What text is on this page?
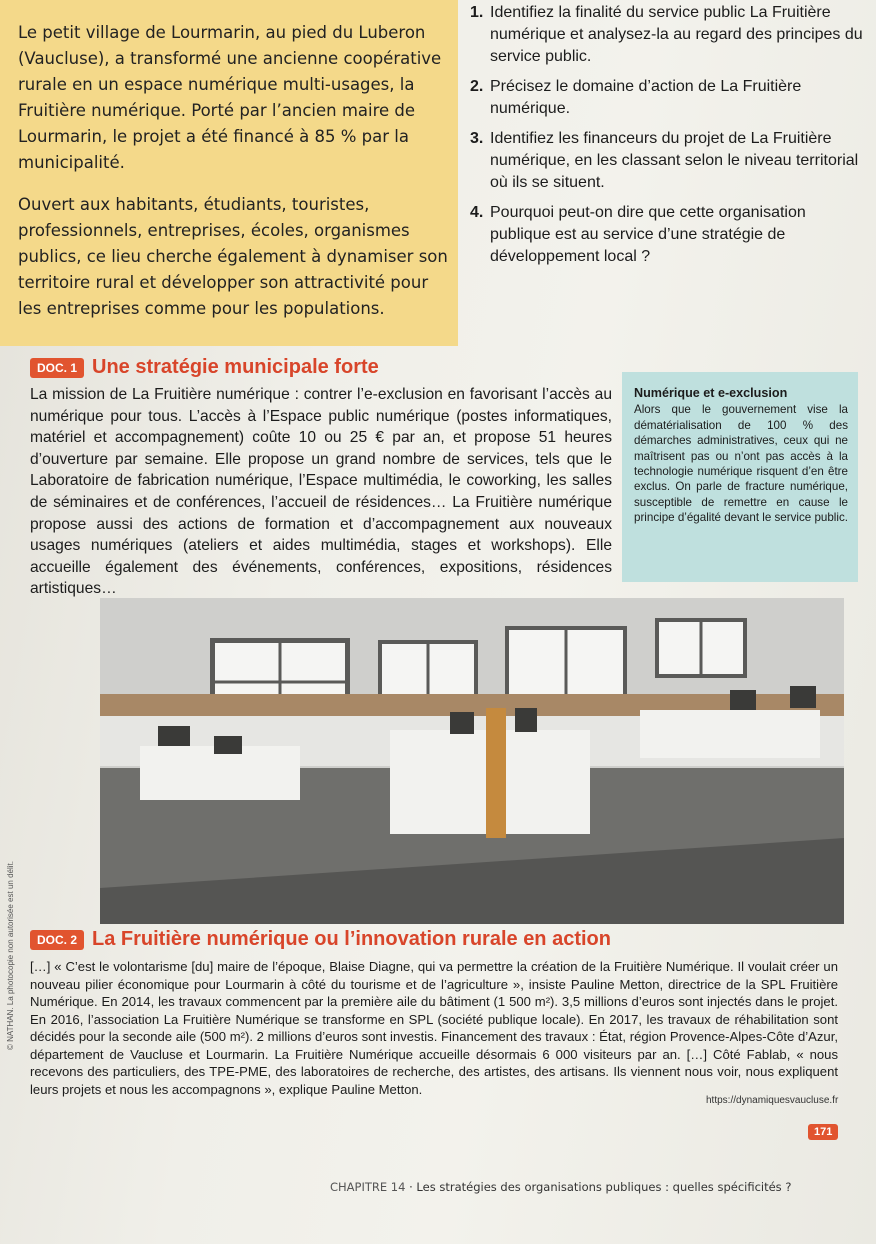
Le petit village de Lourmarin, au pied du Luberon (Vaucluse), a transformé une ancienne coopérative rurale en un espace numérique multi-usages, la Fruitière numérique. Porté par l’ancien maire de Lourmarin, le projet a été financé à 85 % par la municipalité.

Ouvert aux habitants, étudiants, touristes, professionnels, entreprises, écoles, organismes publics, ce lieu cherche également à dynamiser son territoire rural et développer son attractivité pour les entreprises comme pour les populations.

1. Identifiez la finalité du service public La Fruitière numérique et analysez-la au regard des principes du service public.
2. Précisez le domaine d’action de La Fruitière numérique.
3. Identifiez les financeurs du projet de La Fruitière numérique, en les classant selon le niveau territorial où ils se situent.
4. Pourquoi peut-on dire que cette organisation publique est au service d’une stratégie de développement local ?
DOC. 1 Une stratégie municipale forte
La mission de La Fruitière numérique : contrer l’e-exclusion en favorisant l’accès au numérique pour tous. L’accès à l’Espace public numérique (postes informatiques, matériel et accompagnement) coûte 10 ou 25 € par an, et propose 51 heures d’ouverture par semaine. Elle propose un grand nombre de services, tels que le Laboratoire de fabrication numérique, l’Espace multimédia, le coworking, les salles de séminaires et de conférences, l’accueil de résidences… La Fruitière numérique propose aussi des actions de formation et d’accompagnement aux nouveaux usages numériques (ateliers et aides multimédia, stages et workshops). Elle accueille également des événements, conférences, expositions, résidences artistiques…
Numérique et e-exclusion
Alors que le gouvernement vise la dématérialisation de 100 % des démarches administratives, ceux qui ne maîtrisent pas ou n’ont pas accès à la technologie numérique risquent d’en être exclus. On parle de fracture numérique, susceptible de remettre en cause le principe d’égalité devant le service public.
DOC. 2 La Fruitière numérique ou l’innovation rurale en action
[…] « C’est le volontarisme [du] maire de l’époque, Blaise Diagne, qui va permettre la création de la Fruitière Numérique. Il voulait créer un nouveau pilier économique pour Lourmarin à côté du tourisme et de l’agriculture », insiste Pauline Metton, directrice de la SPL Fruitière Numérique. En 2014, les travaux commencent par la première aile du bâtiment (1 500 m²). 3,5 millions d’euros sont injectés dans le projet. En 2016, l’association La Fruitière Numérique se transforme en SPL (société publique locale). En 2017, les travaux de réhabilitation sont décidés pour la seconde aile (500 m²). 2 millions d’euros sont investis. Financement des travaux : État, région Provence-Alpes-Côte d’Azur, département de Vaucluse et Lourmarin. La Fruitière Numérique accueille désormais 6 000 visiteurs par an. […] Côté Fablab, « nous recevons des particuliers, des TPE-PME, des laboratoires de recherche, des artistes, des artisans. Ils viennent nous voir, nous expliquent leurs projets et nous les accompagnons », explique Pauline Metton.
https://dynamiquesvaucluse.fr
171
CHAPITRE 14 · Les stratégies des organisations publiques : quelles spécificités ?
© NATHAN. La photocopie non autorisée est un délit.
